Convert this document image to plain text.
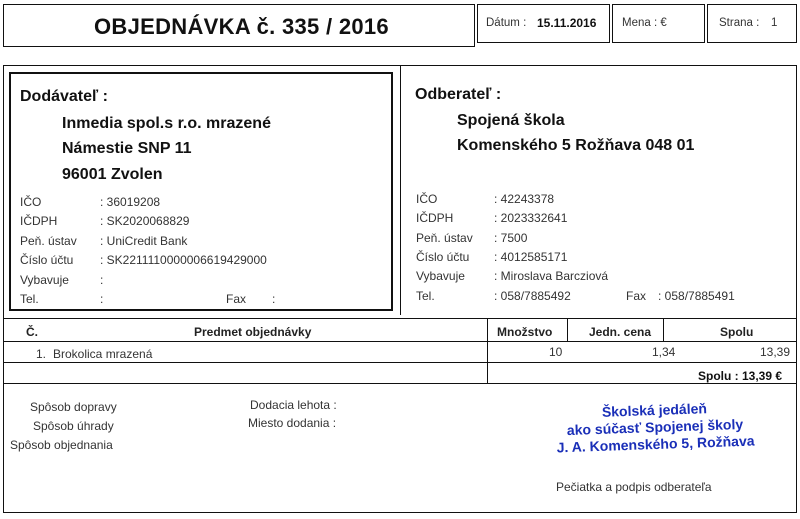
OBJEDNÁVKA č. 335 / 2016	Dátum : 15.11.2016 Mena : €	Strana : 1
Dodávateľ :
Inmedia spol.s r.o. mrazené
Námestie SNP 11
96001 Zvolen
IČO	: 36019208
IČDPH	: SK2020068829
Peň. ústav : UniCredit Bank
Číslo účtu : SK2211110000006619429000
Vybavuje	:
Tel.	:	Fax :
Odberateľ :
Spojená škola
Komenského 5 Rožňava 048 01
IČO	: 42243378
IČDPH	: 2023332641
Peň. ústav : 7500
Číslo účtu : 4012585171
Vybavuje : Miroslava Barcziová
Tel.	: 058/7885492	Fax : 058/7885491
Č.	Predmet objednávky	Množstvo	Jedn. cena	Spolu
1. Brokolica mrazená	10	1,34	13,39
Spolu : 13,39 €
Spôsob dopravy
Spôsob úhrady
Spôsob objednania
Dodacia lehota :
Miesto dodania :
Školská jedáleň
ako súčasť Spojenej školy
J. A. Komenského 5, Rožňava
Pečiatka a podpis odberateľa
